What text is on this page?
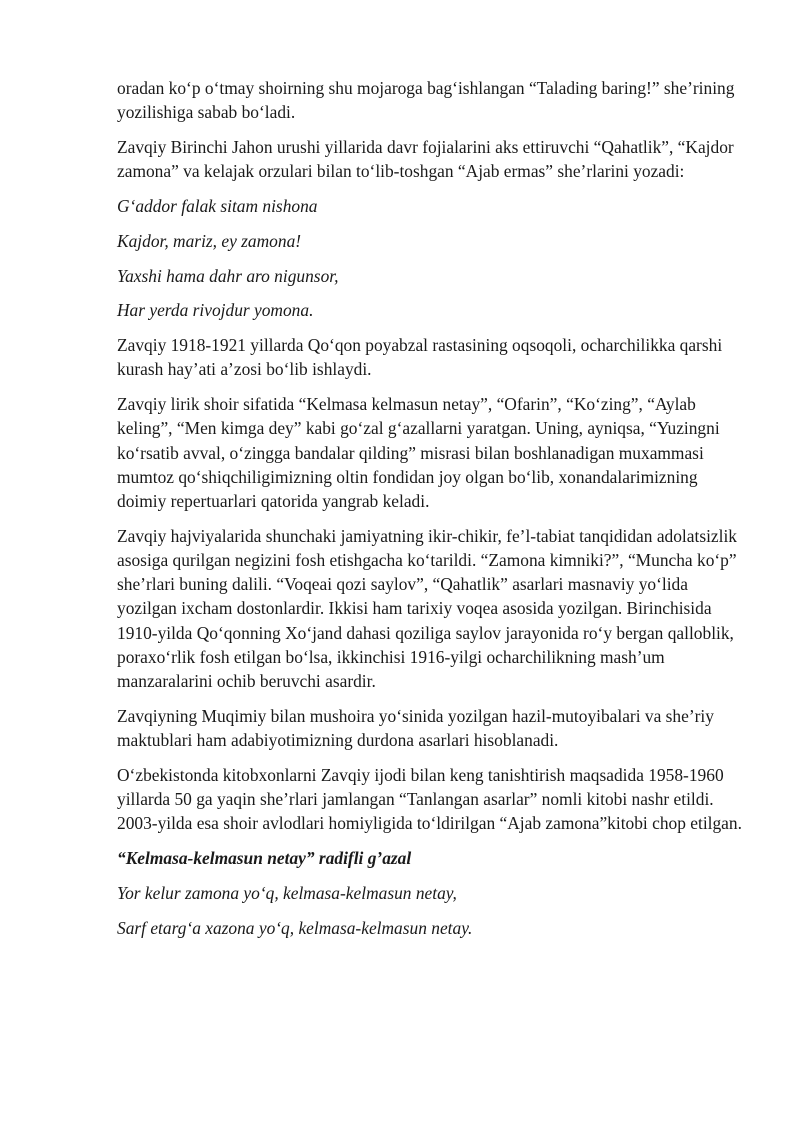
oradan ko‘p o‘tmay shoirning shu mojaroga bag‘ishlangan “Talading baring!” she’rining yozilishiga sabab bo‘ladi.

Zavqiy Birinchi Jahon urushi yillarida davr fojialarini aks ettiruvchi “Qahatlik”, “Kajdor zamona” va kelajak orzulari bilan to‘lib-toshgan “Ajab ermas” she’rlarini yozadi:

G‘addor falak sitam nishona

Kajdor, mariz, ey zamona!

Yaxshi hama dahr aro nigunsor,

Har yerda rivojdur yomona.

Zavqiy 1918-1921 yillarda Qo‘qon poyabzal rastasining oqsoqoli, ocharchilikka qarshi kurash hay’ati a’zosi bo‘lib ishlaydi.

Zavqiy lirik shoir sifatida “Kelmasa kelmasun netay”, “Ofarin”, “Ko‘zing”, “Aylab keling”, “Men kimga dey” kabi go‘zal g‘azallarni yaratgan. Uning, ayniqsa, “Yuzingni ko‘rsatib avval, o‘zingga bandalar qilding” misrasi bilan boshlanadigan muxammasi mumtoz qo‘shiqchiligimizning oltin fondidan joy olgan bo‘lib, xonandalarimizning doimiy repertuarlari qatorida yangrab keladi.

Zavqiy hajviyalarida shunchaki jamiyatning ikir-chikir, fe’l-tabiat tanqididan adolatsizlik asosiga qurilgan negizini fosh etishgacha ko‘tarildi. “Zamona kimniki?”, “Muncha ko‘p” she’rlari buning dalili. “Voqeai qozi saylov”, “Qahatlik” asarlari masnaviy yo‘lida yozilgan ixcham dostonlardir. Ikkisi ham tarixiy voqea asosida yozilgan. Birinchisida 1910-yilda Qo‘qonning Xo‘jand dahasi qoziliga saylov jarayonida ro‘y bergan qalloblik, poraxo‘rlik fosh etilgan bo‘lsa, ikkinchisi 1916-yilgi ocharchilikning mash’um manzaralarini ochib beruvchi asardir.

Zavqiyning Muqimiy bilan mushoira yo‘sinida yozilgan hazil-mutoyibalari va she’riy maktublari ham adabiyotimizning durdona asarlari hisoblanadi.

O‘zbekistonda kitobxonlarni Zavqiy ijodi bilan keng tanishtirish maqsadida 1958-1960 yillarda 50 ga yaqin she’rlari jamlangan “Tanlangan asarlar” nomli kitobi nashr etildi. 2003-yilda esa shoir avlodlari homiyligida to‘ldirilgan “Ajab zamona”kitobi chop etilgan.

“Kelmasa-kelmasun netay” radifli g’azal

Yor kelur zamona yo‘q, kelmasa-kelmasun netay,

Sarf etarg‘a xazona yo‘q, kelmasa-kelmasun netay.
